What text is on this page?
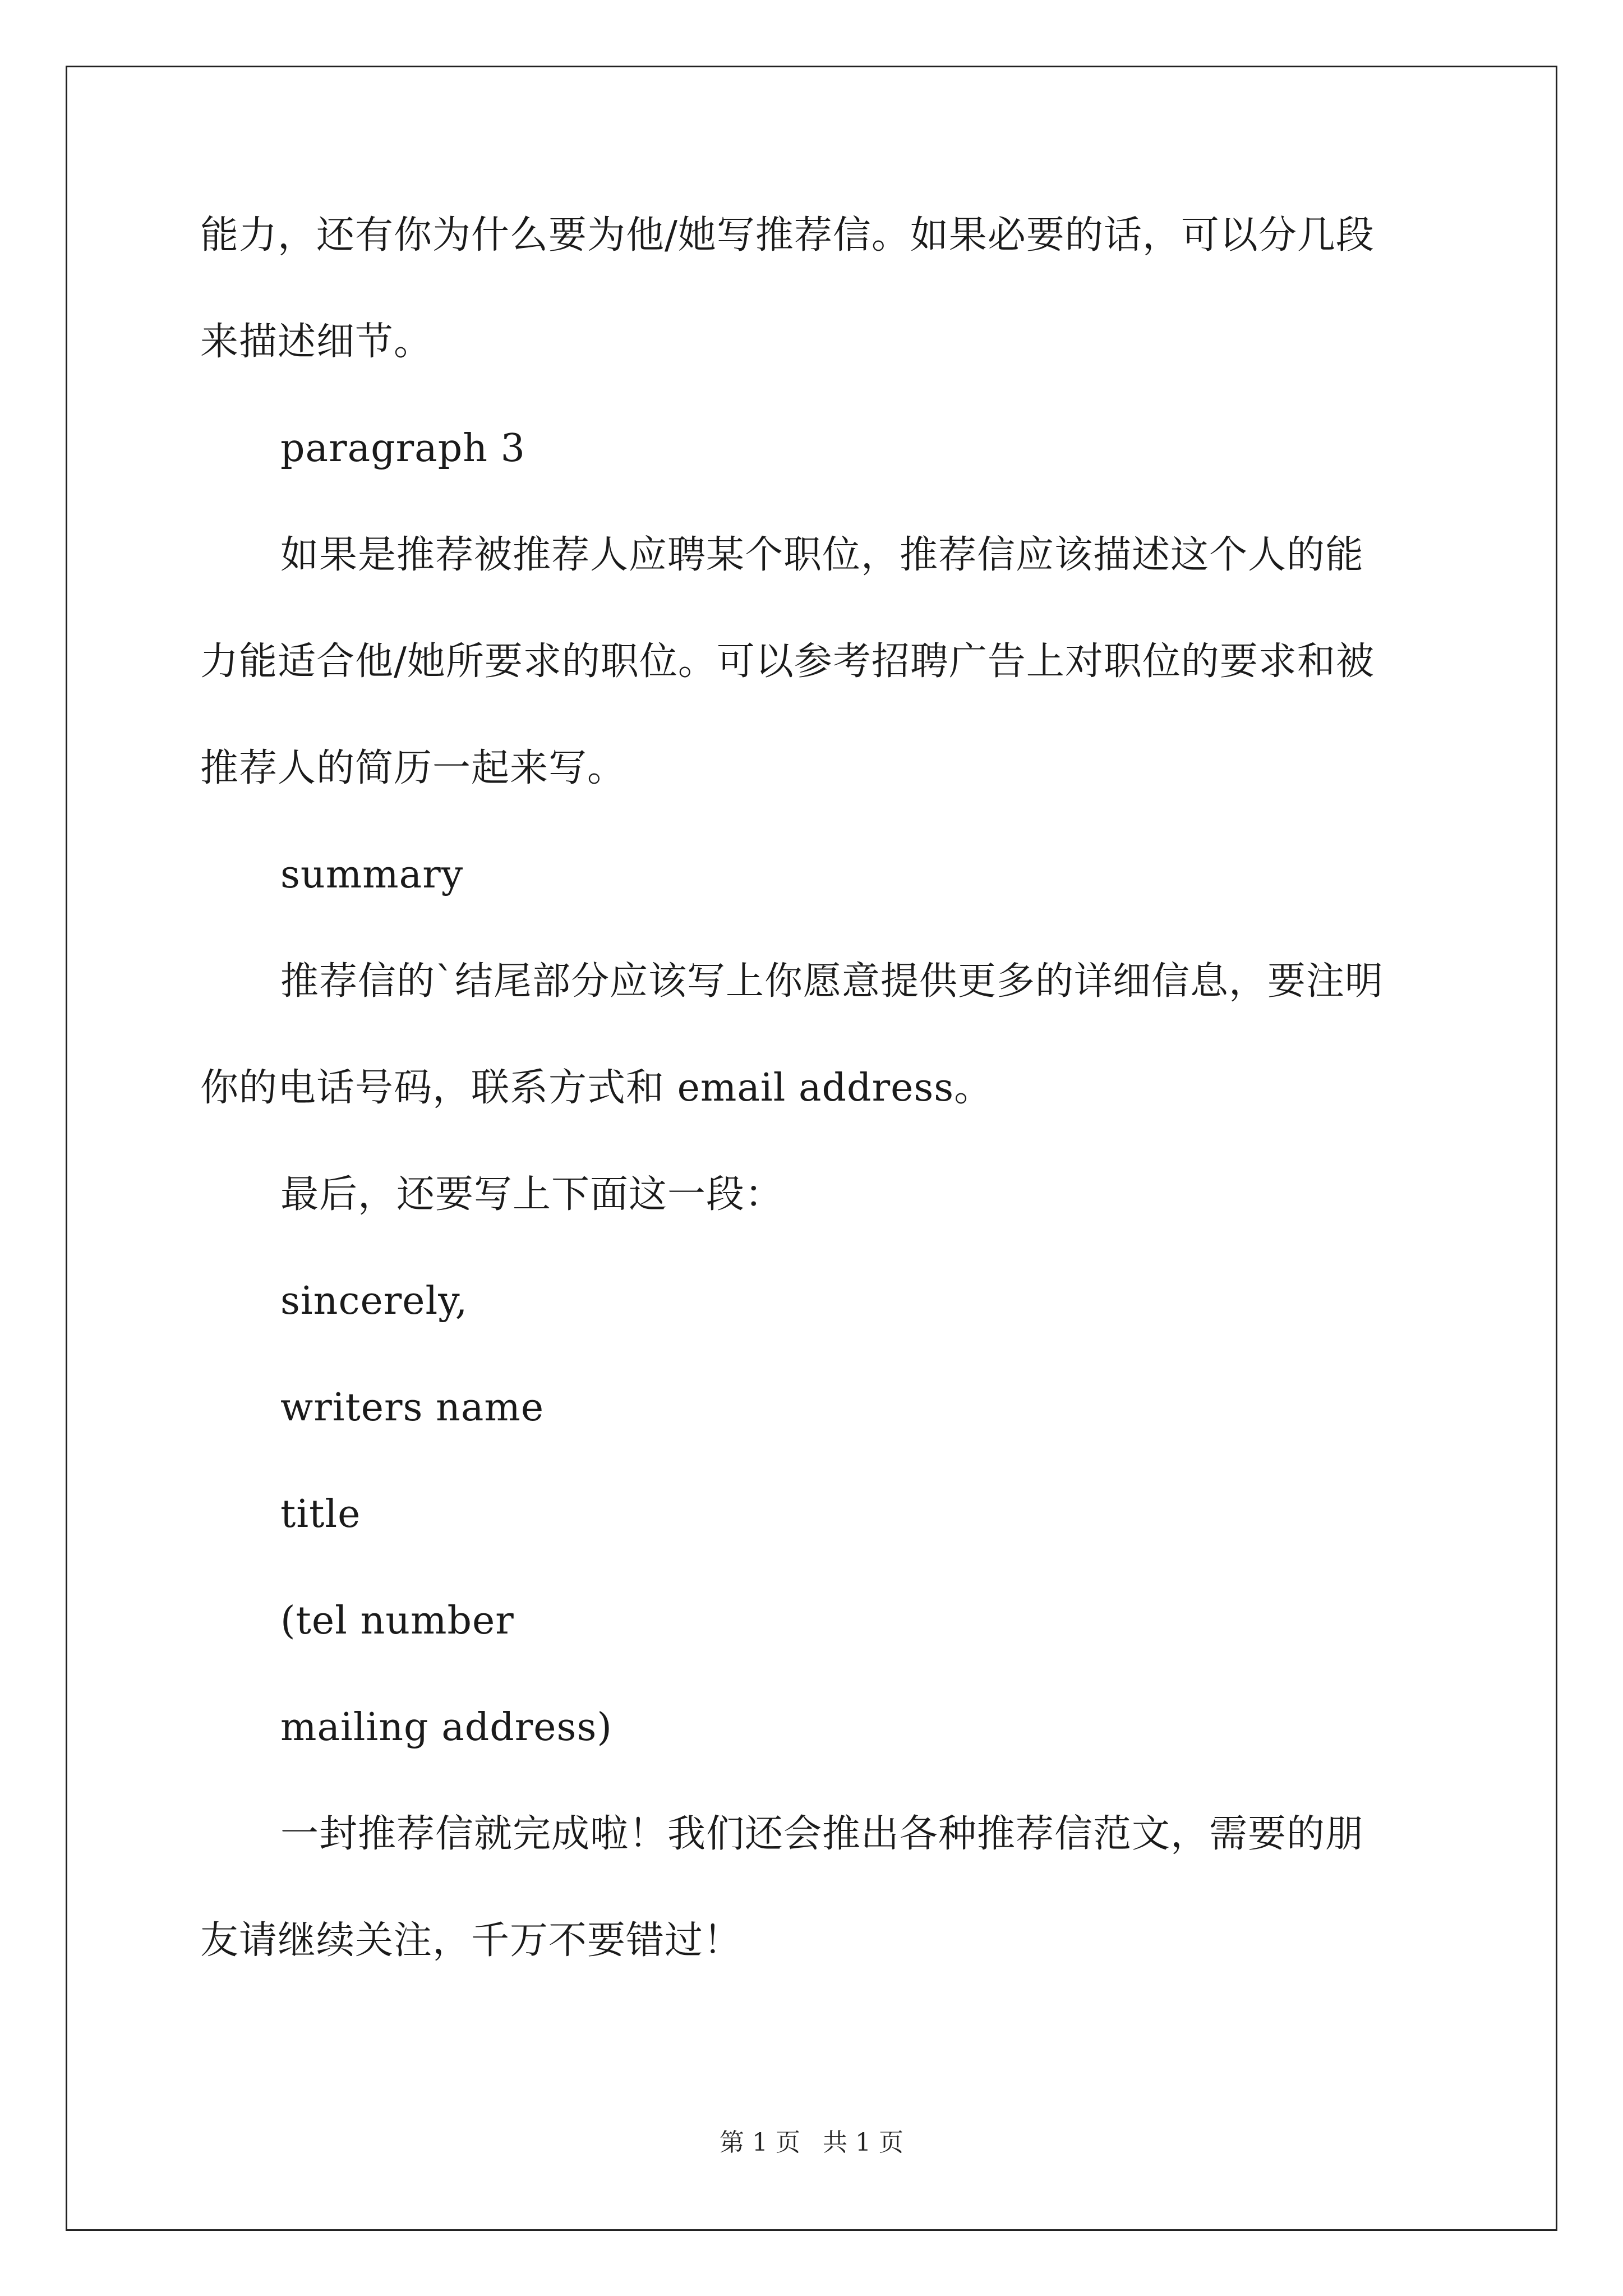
能力，还有你为什么要为他/她写推荐信。如果必要的话，可以分几段
来描述细节。
paragraph 3
如果是推荐被推荐人应聘某个职位，推荐信应该描述这个人的能
力能适合他/她所要求的职位。可以参考招聘广告上对职位的要求和被
推荐人的简历一起来写。
summary
推荐信的`结尾部分应该写上你愿意提供更多的详细信息，要注明
你的电话号码，联系方式和 email address。
最后，还要写上下面这一段：
sincerely,
writers name
title
(tel number
mailing address)
一封推荐信就完成啦！我们还会推出各种推荐信范文，需要的朋
友请继续关注，千万不要错过！
第 1 页 共 1 页
